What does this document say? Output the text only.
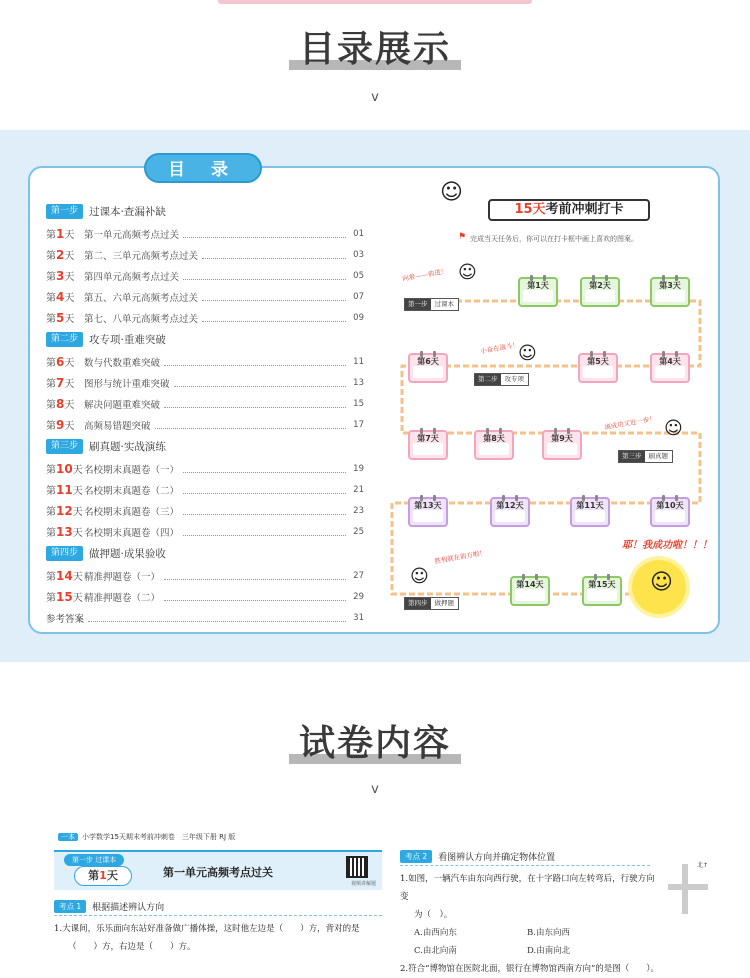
目录展示
v
目 录
第一步	过课本·查漏补缺
第1天	第一单元高频考点过关	01
第2天	第二、三单元高频考点过关	03
第3天	第四单元高频考点过关	05
第4天	第五、六单元高频考点过关	07
第5天	第七、八单元高频考点过关	09
第二步	攻专项·重难突破
第6天	数与代数重难突破	11
第7天	图形与统计重难突破	13
第8天	解决问题重难突破	15
第9天	高频易错题突破	17
第三步	刷真题·实战演练
第10天 名校期末真题卷（一）	19
第11天 名校期末真题卷（二）	21
第12天 名校期末真题卷（三）	23
第13天 名校期末真题卷（四）	25
第四步	做押题·成果验收
第14天 精准押题卷（一）	27
第15天 精准押题卷（二）	29
参考答案	31
15天考前冲刺打卡
☺
⚑ 完成当天任务后，你可以在打卡框中画上喜欢的图案。
第1天	第2天	第3天
第6天	第5天	第4天
第7天	第8天	第9天
第13天	第12天	第11天	第10天
第14天	第15天
第一步	过课本
第二步	攻专项
第三步	刷真题
第四步	做押题
向着——前进！
小奋在战斗！
离成功又近一步！
胜利就在前方啦！
☺
☺
☺
☺	☺
耶！我成功啦！！！
试卷内容
v
一本 小学数学15天期末考前冲刺卷　三年级下册 RJ 版
第一步 过课本
第1天	第一单元高频考点过关
视频讲解题
考点 1	根据描述辨认方向
1.大课间，乐乐面向东站好准备做广播体操，这时他左边是（　　）方，背对的是
（　　）方，右边是（　　）方。
考点 2	看图辨认方向并确定物体位置
1.如图，一辆汽车由东向西行驶，在十字路口向左转弯后，行驶方向变
为（　）。
A.由西向东	B.由东向西
C.由北向南	D.由南向北
2.符合“博物馆在医院北面，银行在博物馆西南方向”的是图（　　）。
北↑
